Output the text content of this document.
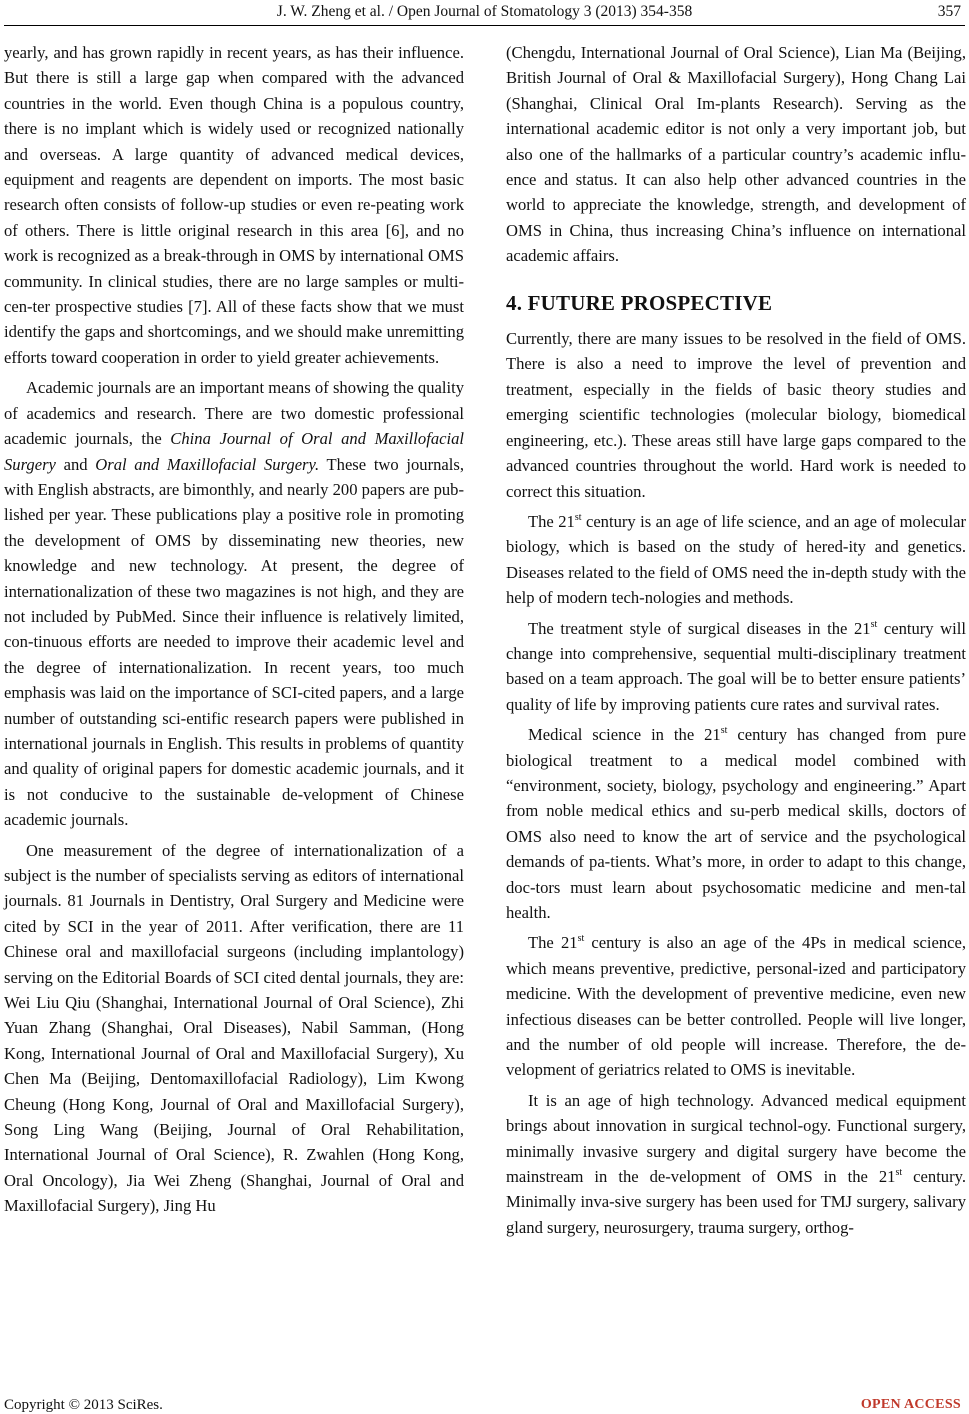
J. W. Zheng et al. / Open Journal of Stomatology 3 (2013) 354-358	357

yearly, and has grown rapidly in recent years, as has their influence. But there is still a large gap when compared with the advanced countries in the world. Even though China is a populous country, there is no implant which is widely used or recognized nationally and overseas. A large quantity of advanced medical devices, equipment and reagents are dependent on imports. The most basic research often consists of follow-up studies or even re-peating work of others. There is little original research in this area [6], and no work is recognized as a break-through in OMS by international OMS community. In clinical studies, there are no large samples or multi-cen-ter prospective studies [7]. All of these facts show that we must identify the gaps and shortcomings, and we should make unremitting efforts toward cooperation in order to yield greater achievements.

Academic journals are an important means of showing the quality of academics and research. There are two domestic professional academic journals, the China Journal of Oral and Maxillofacial Surgery and Oral and Maxillofacial Surgery. These two journals, with English abstracts, are bimonthly, and nearly 200 papers are pub-lished per year. These publications play a positive role in promoting the development of OMS by disseminating new theories, new knowledge and new technology. At present, the degree of internationalization of these two magazines is not high, and they are not included by PubMed. Since their influence is relatively limited, con-tinuous efforts are needed to improve their academic level and the degree of internationalization. In recent years, too much emphasis was laid on the importance of SCI-cited papers, and a large number of outstanding sci-entific research papers were published in international journals in English. This results in problems of quantity and quality of original papers for domestic academic journals, and it is not conducive to the sustainable de-velopment of Chinese academic journals.

One measurement of the degree of internationalization of a subject is the number of specialists serving as editors of international journals. 81 Journals in Dentistry, Oral Surgery and Medicine were cited by SCI in the year of 2011. After verification, there are 11 Chinese oral and maxillofacial surgeons (including implantology) serving on the Editorial Boards of SCI cited dental journals, they are: Wei Liu Qiu (Shanghai, International Journal of Oral Science), Zhi Yuan Zhang (Shanghai, Oral Diseases), Nabil Samman, (Hong Kong, International Journal of Oral and Maxillofacial Surgery), Xu Chen Ma (Beijing, Dentomaxillofacial Radiology), Lim Kwong Cheung (Hong Kong, Journal of Oral and Maxillofacial Surgery), Song Ling Wang (Beijing, Journal of Oral Rehabilitation, International Journal of Oral Science), R. Zwahlen (Hong Kong, Oral Oncology), Jia Wei Zheng (Shanghai, Journal of Oral and Maxillofacial Surgery), Jing Hu

(Chengdu, International Journal of Oral Science), Lian Ma (Beijing, British Journal of Oral & Maxillofacial Surgery), Hong Chang Lai (Shanghai, Clinical Oral Im-plants Research). Serving as the international academic editor is not only a very important job, but also one of the hallmarks of a particular country’s academic influ-ence and status. It can also help other advanced countries in the world to appreciate the knowledge, strength, and development of OMS in China, thus increasing China’s influence on international academic affairs.

4. FUTURE PROSPECTIVE

Currently, there are many issues to be resolved in the field of OMS. There is also a need to improve the level of prevention and treatment, especially in the fields of basic theory studies and emerging scientific technologies (molecular biology, biomedical engineering, etc.). These areas still have large gaps compared to the advanced countries throughout the world. Hard work is needed to correct this situation.

The 21st century is an age of life science, and an age of molecular biology, which is based on the study of hered-ity and genetics. Diseases related to the field of OMS need the in-depth study with the help of modern tech-nologies and methods.

The treatment style of surgical diseases in the 21st century will change into comprehensive, sequential multi-disciplinary treatment based on a team approach. The goal will be to better ensure patients’ quality of life by improving patients cure rates and survival rates.

Medical science in the 21st century has changed from pure biological treatment to a medical model combined with “environment, society, biology, psychology and engineering.” Apart from noble medical ethics and su-perb medical skills, doctors of OMS also need to know the art of service and the psychological demands of pa-tients. What’s more, in order to adapt to this change, doc-tors must learn about psychosomatic medicine and men-tal health.

The 21st century is also an age of the 4Ps in medical science, which means preventive, predictive, personal-ized and participatory medicine. With the development of preventive medicine, even new infectious diseases can be better controlled. People will live longer, and the number of old people will increase. Therefore, the de-velopment of geriatrics related to OMS is inevitable.

It is an age of high technology. Advanced medical equipment brings about innovation in surgical technol-ogy. Functional surgery, minimally invasive surgery and digital surgery have become the mainstream in the de-velopment of OMS in the 21st century. Minimally inva-sive surgery has been used for TMJ surgery, salivary gland surgery, neurosurgery, trauma surgery, orthog-

Copyright © 2013 SciRes.	OPEN ACCESS
